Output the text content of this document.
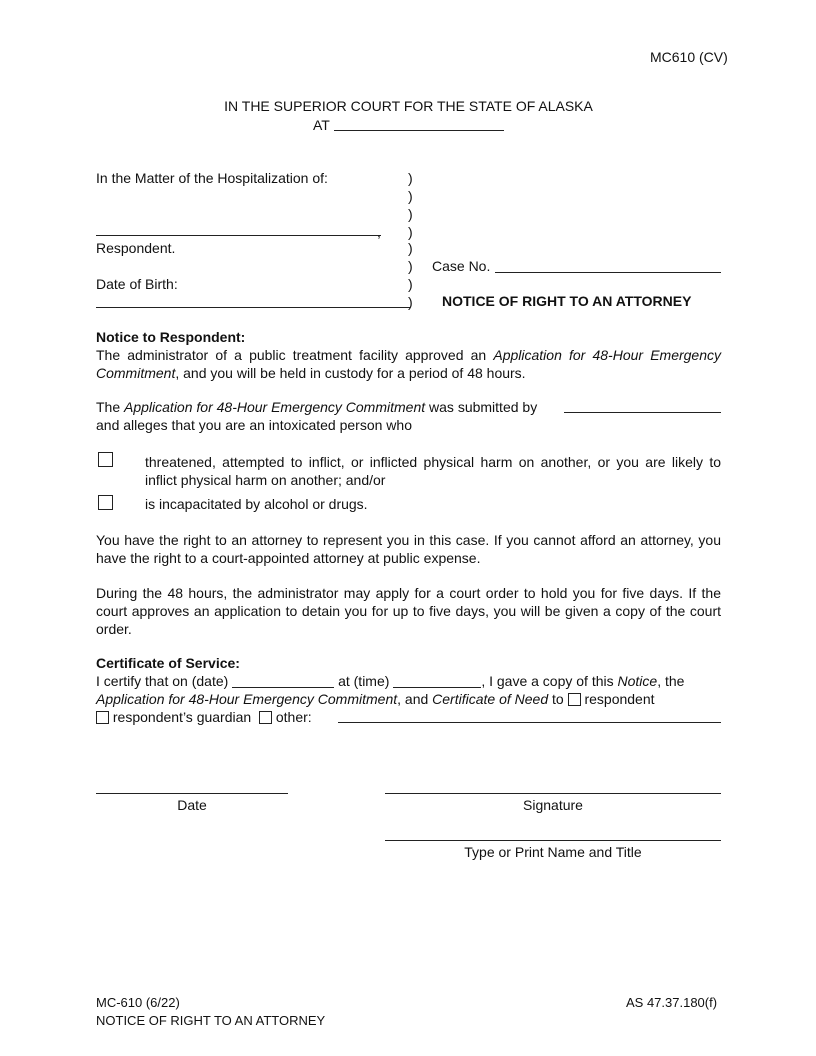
MC610 (CV)
IN THE SUPERIOR COURT FOR THE STATE OF ALASKA
AT
In the Matter of the Hospitalization of:
,
Respondent.
Date of Birth:
)
)
)
)
)
)
)
)
Case No.
NOTICE OF RIGHT TO AN ATTORNEY
Notice to Respondent:
The administrator of a public treatment facility approved an Application for 48-Hour Emergency Commitment, and you will be held in custody for a period of 48 hours.
The Application for 48-Hour Emergency Commitment was submitted by
and alleges that you are an intoxicated person who
threatened, attempted to inflict, or inflicted physical harm on another, or you are likely to inflict physical harm on another; and/or
is incapacitated by alcohol or drugs.
You have the right to an attorney to represent you in this case. If you cannot afford an attorney, you have the right to a court-appointed attorney at public expense.
During the 48 hours, the administrator may apply for a court order to hold you for five days. If the court approves an application to detain you for up to five days, you will be given a copy of the court order.
Certificate of Service:
I certify that on (date)	at (time)	, I gave a copy of this Notice, the
Application for 48-Hour Emergency Commitment, and Certificate of Need to  respondent
respondent’s guardian other:
Date	Signature
Type or Print Name and Title
MC-610 (6/22)
NOTICE OF RIGHT TO AN ATTORNEY
AS 47.37.180(f)
